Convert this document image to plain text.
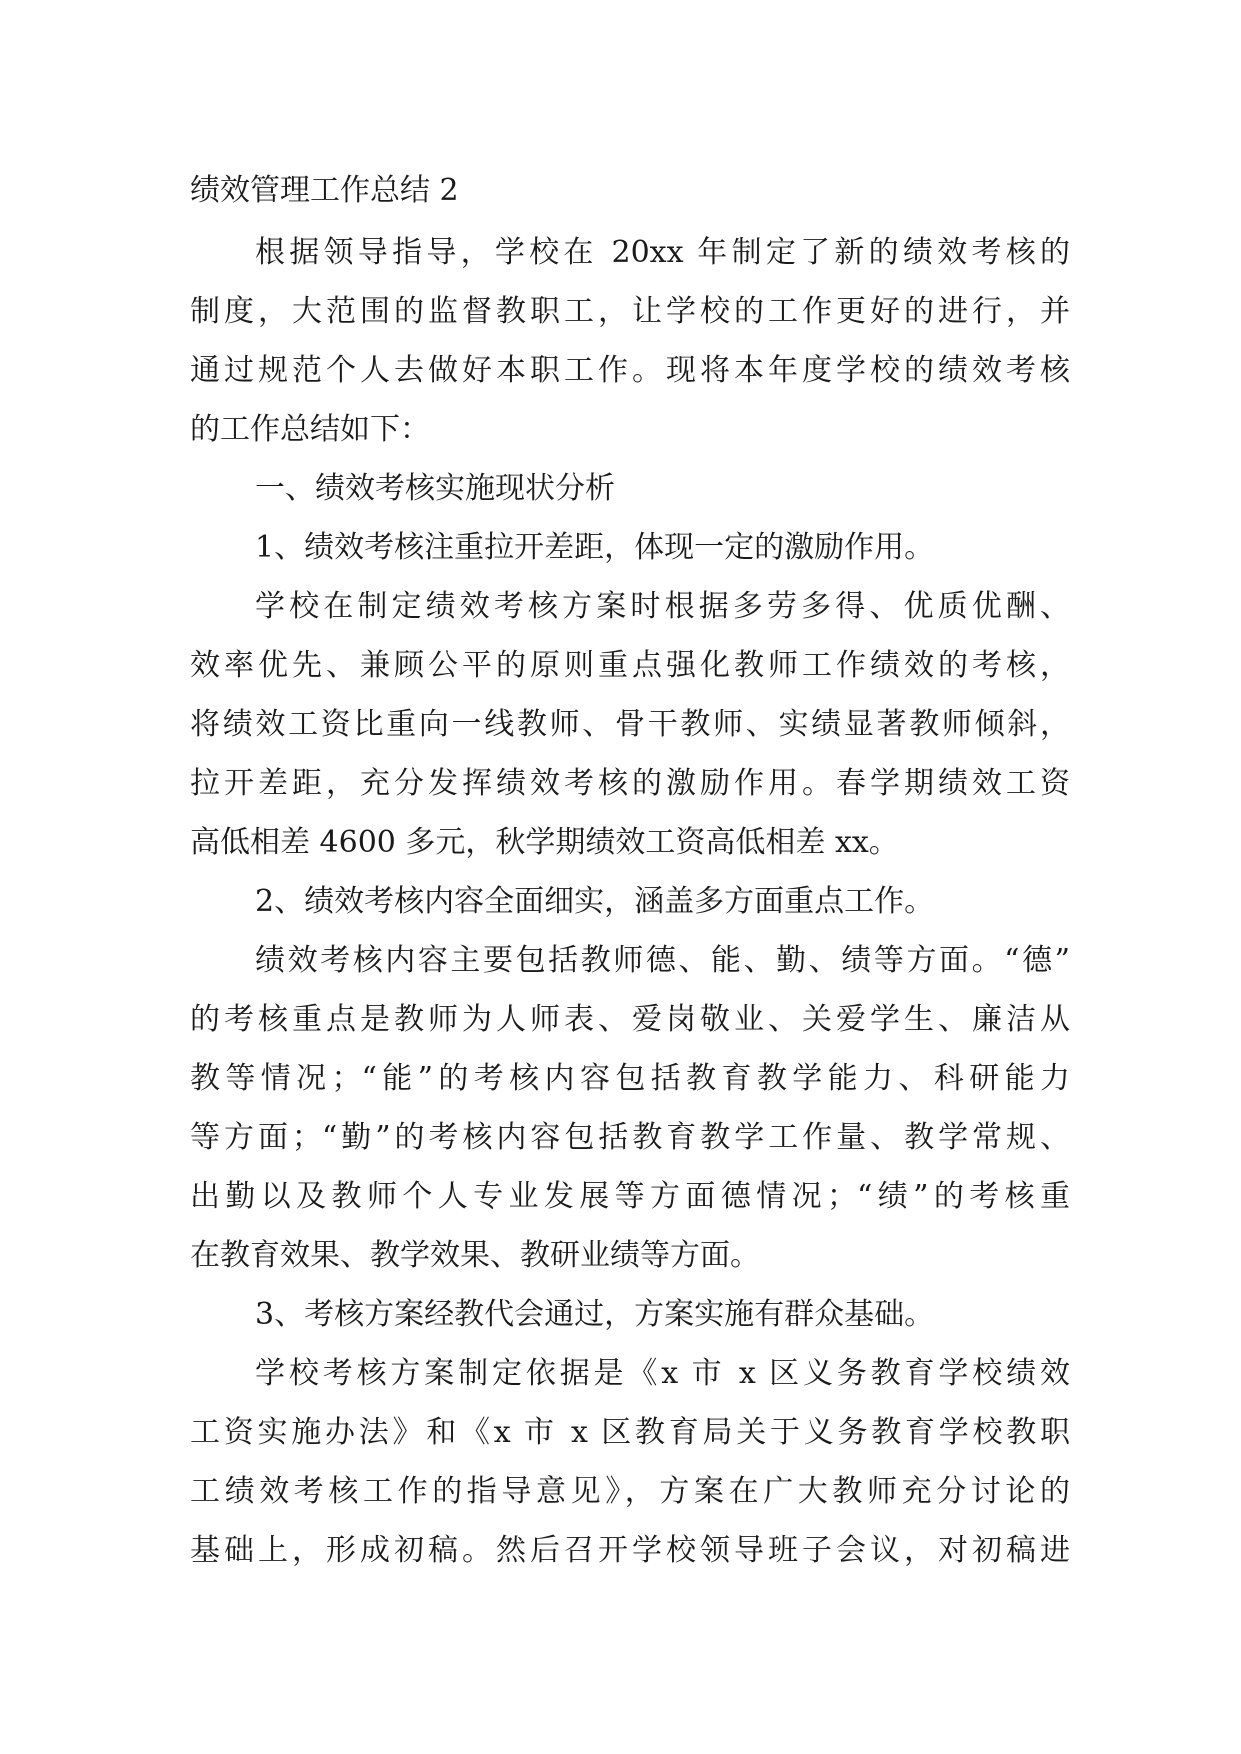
绩效管理工作总结 2
根据领导指导，学校在 20xx 年制定了新的绩效考核的
制度，大范围的监督教职工，让学校的工作更好的进行，并
通过规范个人去做好本职工作。现将本年度学校的绩效考核
的工作总结如下：
一、绩效考核实施现状分析
1、绩效考核注重拉开差距，体现一定的激励作用。
学校在制定绩效考核方案时根据多劳多得、优质优酬、
效率优先、兼顾公平的原则重点强化教师工作绩效的考核，
将绩效工资比重向一线教师、骨干教师、实绩显著教师倾斜，
拉开差距，充分发挥绩效考核的激励作用。春学期绩效工资
高低相差 4600 多元，秋学期绩效工资高低相差 xx。
2、绩效考核内容全面细实，涵盖多方面重点工作。
绩效考核内容主要包括教师德、能、勤、绩等方面。“德”
的考核重点是教师为人师表、爱岗敬业、关爱学生、廉洁从
教等情况；“能”的考核内容包括教育教学能力、科研能力
等方面；“勤”的考核内容包括教育教学工作量、教学常规、
出勤以及教师个人专业发展等方面德情况；“绩”的考核重
在教育效果、教学效果、教研业绩等方面。
3、考核方案经教代会通过，方案实施有群众基础。
学校考核方案制定依据是《x 市 x 区义务教育学校绩效
工资实施办法》和《x 市 x 区教育局关于义务教育学校教职
工绩效考核工作的指导意见》，方案在广大教师充分讨论的
基础上，形成初稿。然后召开学校领导班子会议，对初稿进
